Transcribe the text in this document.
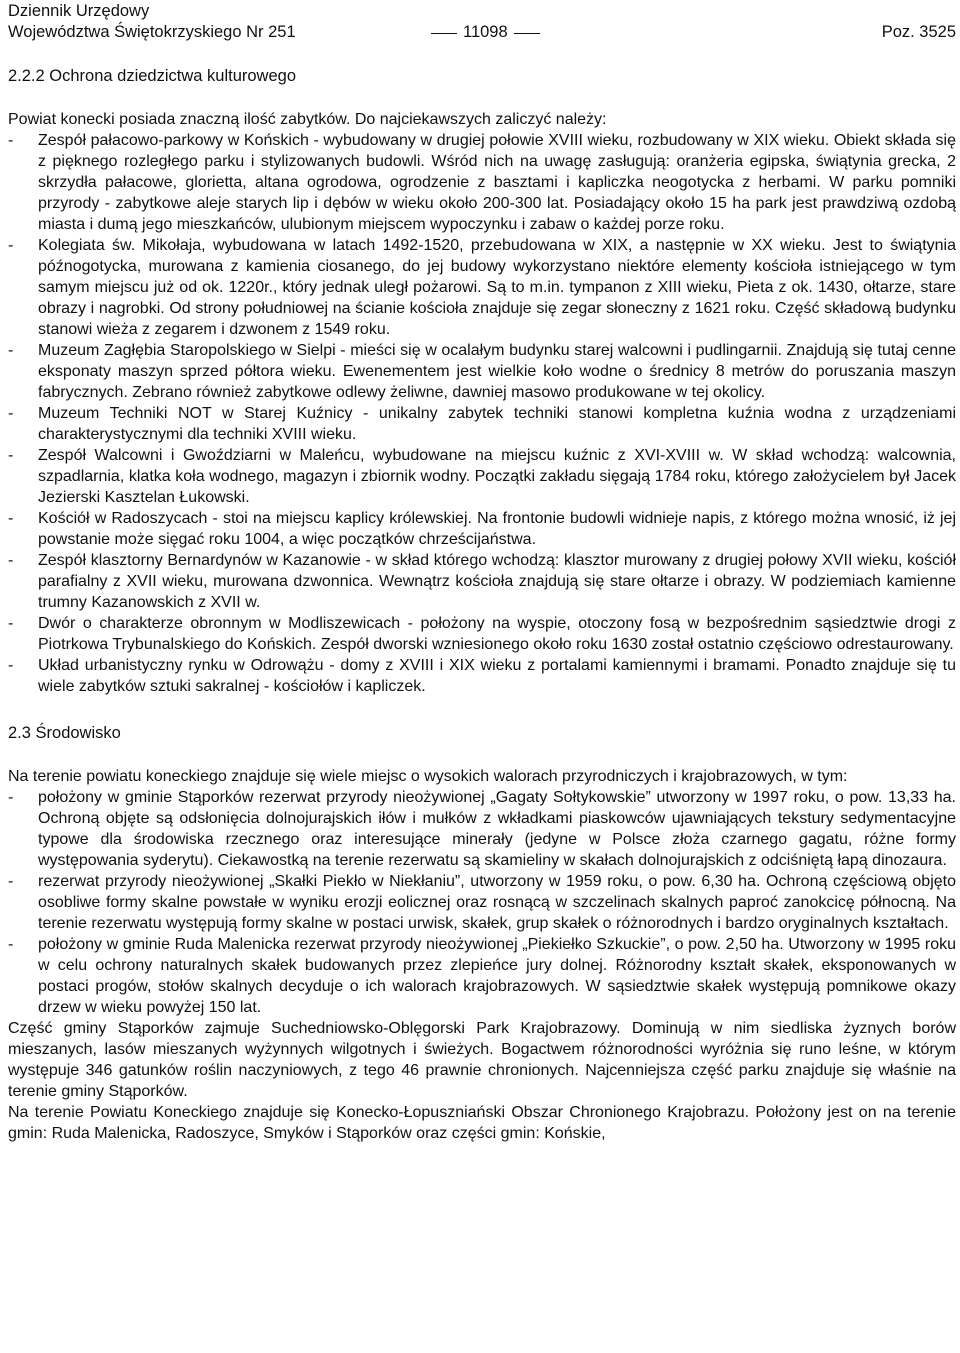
Dziennik Urzędowy
Województwa Świętokrzyskiego Nr 251	11098	Poz. 3525
2.2.2 Ochrona dziedzictwa kulturowego

Powiat konecki posiada znaczną ilość zabytków. Do najciekawszych zaliczyć należy:

- Zespół pałacowo-parkowy w Końskich - wybudowany w drugiej połowie XVIII wieku, rozbudowany w XIX wieku. Obiekt składa się z pięknego rozległego parku i stylizowanych budowli. Wśród nich na uwagę zasługują: oranżeria egipska, świątynia grecka, 2 skrzydła pałacowe, glorietta, altana ogrodowa, ogrodzenie z basztami i kapliczka neogotycka z herbami. W parku pomniki przyrody - zabytkowe aleje starych lip i dębów w wieku około 200-300 lat. Posiadający około 15 ha park jest prawdziwą ozdobą miasta i dumą jego mieszkańców, ulubionym miejscem wypoczynku i zabaw o każdej porze roku.
- Kolegiata św. Mikołaja, wybudowana w latach 1492-1520, przebudowana w XIX, a następnie w XX wieku. Jest to świątynia późnogotycka, murowana z kamienia ciosanego, do jej budowy wykorzystano niektóre elementy kościoła istniejącego w tym samym miejscu już od ok. 1220r., który jednak uległ pożarowi. Są to m.in. tympanon z XIII wieku, Pieta z ok. 1430, ołtarze, stare obrazy i nagrobki. Od strony południowej na ścianie kościoła znajduje się zegar słoneczny z 1621 roku. Część składową budynku stanowi wieża z zegarem i dzwonem z 1549 roku.
- Muzeum Zagłębia Staropolskiego w Sielpi - mieści się w ocalałym budynku starej walcowni i pudlingarnii. Znajdują się tutaj cenne eksponaty maszyn sprzed półtora wieku. Ewenementem jest wielkie koło wodne o średnicy 8 metrów do poruszania maszyn fabrycznych. Zebrano również zabytkowe odlewy żeliwne, dawniej masowo produkowane w tej okolicy.
- Muzeum Techniki NOT w Starej Kuźnicy - unikalny zabytek techniki stanowi kompletna kuźnia wodna z urządzeniami charakterystycznymi dla techniki XVIII wieku.
- Zespół Walcowni i Gwoździarni w Maleńcu, wybudowane na miejscu kuźnic z XVI-XVIII w. W skład wchodzą: walcownia, szpadlarnia, klatka koła wodnego, magazyn i zbiornik wodny. Początki zakładu sięgają 1784 roku, którego założycielem był Jacek Jezierski Kasztelan Łukowski.
- Kościół w Radoszycach - stoi na miejscu kaplicy królewskiej. Na frontonie budowli widnieje napis, z którego można wnosić, iż jej powstanie może sięgać roku 1004, a więc początków chrześcijaństwa.
- Zespół klasztorny Bernardynów w Kazanowie - w skład którego wchodzą: klasztor murowany z drugiej połowy XVII wieku, kościół parafialny z XVII wieku, murowana dzwonnica. Wewnątrz kościoła znajdują się stare ołtarze i obrazy. W podziemiach kamienne trumny Kazanowskich z XVII w.
- Dwór o charakterze obronnym w Modliszewicach - położony na wyspie, otoczony fosą w bezpośrednim sąsiedztwie drogi z Piotrkowa Trybunalskiego do Końskich. Zespół dworski wzniesionego około roku 1630 został ostatnio częściowo odrestaurowany.
- Układ urbanistyczny rynku w Odrowążu - domy z XVIII i XIX wieku z portalami kamiennymi i bramami. Ponadto znajduje się tu wiele zabytków sztuki sakralnej - kościołów i kapliczek.
2.3 Środowisko

Na terenie powiatu koneckiego znajduje się wiele miejsc o wysokich walorach przyrodniczych i krajobrazowych, w tym:

- położony w gminie Stąporków rezerwat przyrody nieożywionej „Gagaty Sołtykowskie” utworzony w 1997 roku, o pow. 13,33 ha. Ochroną objęte są odsłonięcia dolnojurajskich iłów i mułków z wkładkami piaskowców ujawniających tekstury sedymentacyjne typowe dla środowiska rzecznego oraz interesujące minerały (jedyne w Polsce złoża czarnego gagatu, różne formy występowania syderytu). Ciekawostką na terenie rezerwatu są skamieliny w skałach dolnojurajskich z odciśniętą łapą dinozaura.
- rezerwat przyrody nieożywionej „Skałki Piekło w Niekłaniu”, utworzony w 1959 roku, o pow. 6,30 ha. Ochroną częściową objęto osobliwe formy skalne powstałe w wyniku erozji eolicznej oraz rosnącą w szczelinach skalnych paproć zanokcicę północną. Na terenie rezerwatu występują formy skalne w postaci urwisk, skałek, grup skałek o różnorodnych i bardzo oryginalnych kształtach.
- położony w gminie Ruda Malenicka rezerwat przyrody nieożywionej „Piekiełko Szkuckie”, o pow. 2,50 ha. Utworzony w 1995 roku w celu ochrony naturalnych skałek budowanych przez zlepieńce jury dolnej. Różnorodny kształt skałek, eksponowanych w postaci progów, stołów skalnych decyduje o ich walorach krajobrazowych. W sąsiedztwie skałek występują pomnikowe okazy drzew w wieku powyżej 150 lat.

Część gminy Stąporków zajmuje Suchedniowsko-Oblęgorski Park Krajobrazowy. Dominują w nim siedliska żyznych borów mieszanych, lasów mieszanych wyżynnych wilgotnych i świeżych. Bogactwem różnorodności wyróżnia się runo leśne, w którym występuje 346 gatunków roślin naczyniowych, z tego 46 prawnie chronionych. Najcenniejsza część parku znajduje się właśnie na terenie gminy Stąporków.

Na terenie Powiatu Koneckiego znajduje się Konecko-Łopuszniański Obszar Chronionego Krajobrazu. Położony jest on na terenie gmin: Ruda Malenicka, Radoszyce, Smyków i Stąporków oraz części gmin: Końskie,
